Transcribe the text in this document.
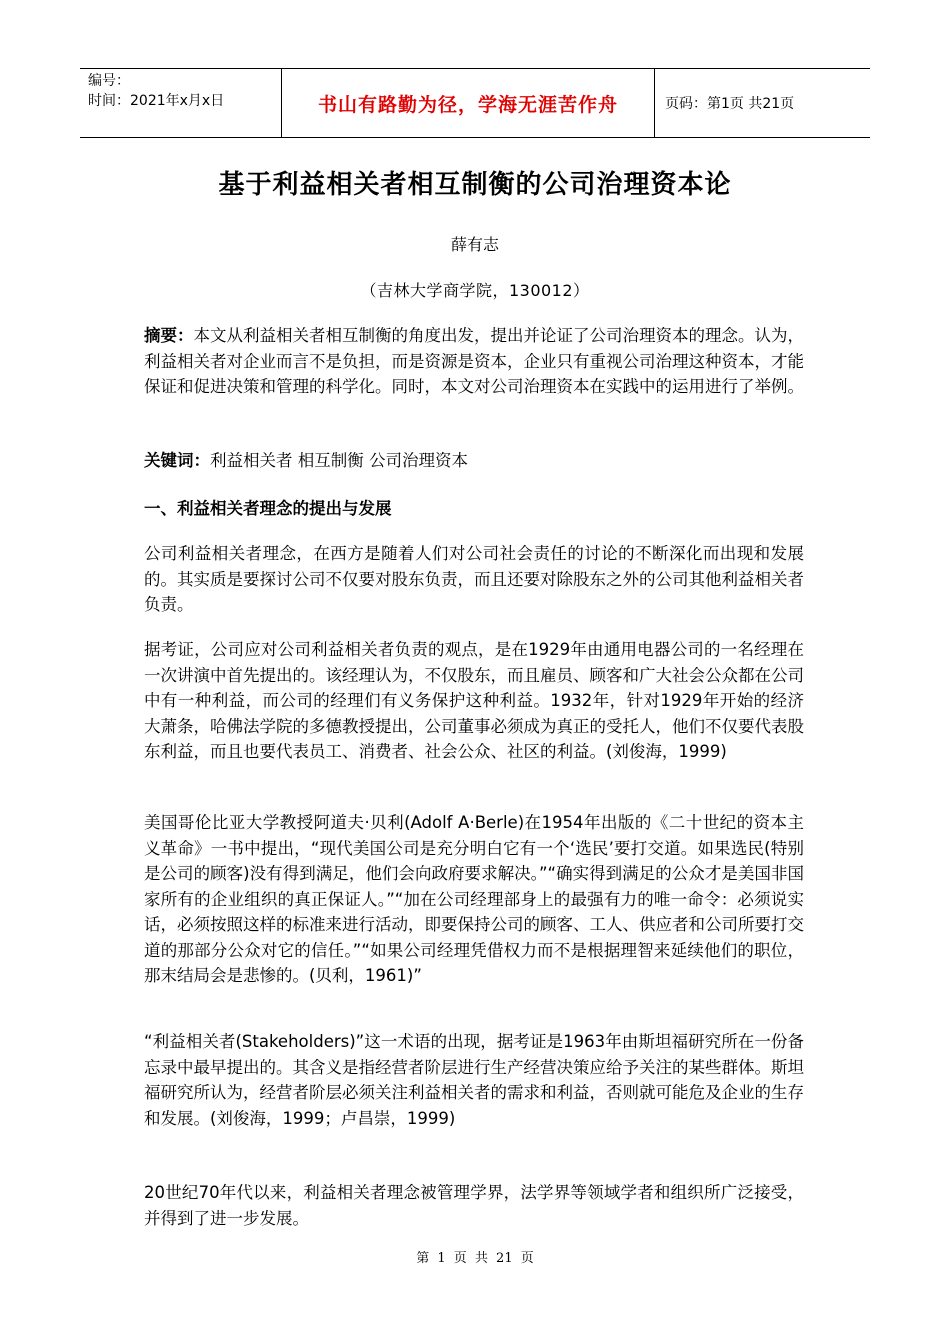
编号：
时间：2021年x月x日	书山有路勤为径，学海无涯苦作舟	页码：第1页 共21页
基于利益相关者相互制衡的公司治理资本论
薛有志
（吉林大学商学院，130012）
摘要：本文从利益相关者相互制衡的角度出发，提出并论证了公司治理资本的理念。认为，利益相关者对企业而言不是负担，而是资源是资本，企业只有重视公司治理这种资本，才能保证和促进决策和管理的科学化。同时，本文对公司治理资本在实践中的运用进行了举例。
关键词：利益相关者 相互制衡 公司治理资本
一、利益相关者理念的提出与发展
公司利益相关者理念，在西方是随着人们对公司社会责任的讨论的不断深化而出现和发展的。其实质是要探讨公司不仅要对股东负责，而且还要对除股东之外的公司其他利益相关者负责。
据考证，公司应对公司利益相关者负责的观点，是在1929年由通用电器公司的一名经理在一次讲演中首先提出的。该经理认为，不仅股东，而且雇员、顾客和广大社会公众都在公司中有一种利益，而公司的经理们有义务保护这种利益。1932年，针对1929年开始的经济大萧条，哈佛法学院的多德教授提出，公司董事必须成为真正的受托人，他们不仅要代表股东利益，而且也要代表员工、消费者、社会公众、社区的利益。(刘俊海，1999)
美国哥伦比亚大学教授阿道夫·贝利(Adolf A·Berle)在1954年出版的《二十世纪的资本主义革命》一书中提出，“现代美国公司是充分明白它有一个‘选民’要打交道。如果选民(特别是公司的顾客)没有得到满足，他们会向政府要求解决。”“确实得到满足的公众才是美国非国家所有的企业组织的真正保证人。”“加在公司经理部身上的最强有力的唯一命令：必须说实话，必须按照这样的标准来进行活动，即要保持公司的顾客、工人、供应者和公司所要打交道的那部分公众对它的信任。”“如果公司经理凭借权力而不是根据理智来延续他们的职位，那末结局会是悲惨的。(贝利，1961)”
“利益相关者(Stakeholders)”这一术语的出现，据考证是1963年由斯坦福研究所在一份备忘录中最早提出的。其含义是指经营者阶层进行生产经营决策应给予关注的某些群体。斯坦福研究所认为，经营者阶层必须关注利益相关者的需求和利益，否则就可能危及企业的生存和发展。(刘俊海，1999；卢昌崇，1999)
20世纪70年代以来，利益相关者理念被管理学界，法学界等领域学者和组织所广泛接受，并得到了进一步发展。
第 1 页 共 21 页
